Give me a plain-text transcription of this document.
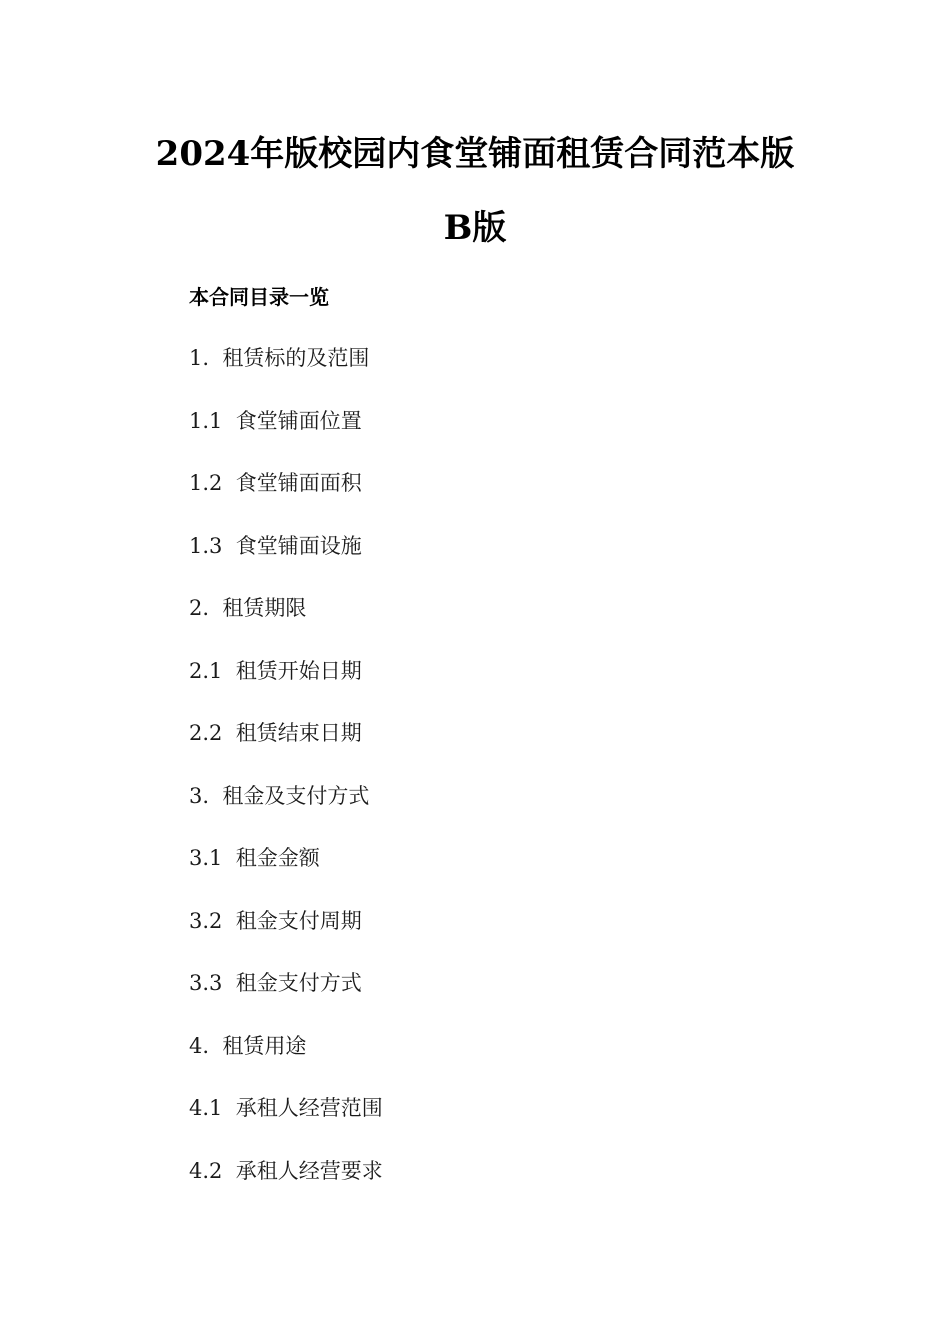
2024年版校园内食堂铺面租赁合同范本版
B版
本合同目录一览
1.  租赁标的及范围
1.1  食堂铺面位置
1.2  食堂铺面面积
1.3  食堂铺面设施
2.  租赁期限
2.1  租赁开始日期
2.2  租赁结束日期
3.  租金及支付方式
3.1  租金金额
3.2  租金支付周期
3.3  租金支付方式
4.  租赁用途
4.1  承租人经营范围
4.2  承租人经营要求
